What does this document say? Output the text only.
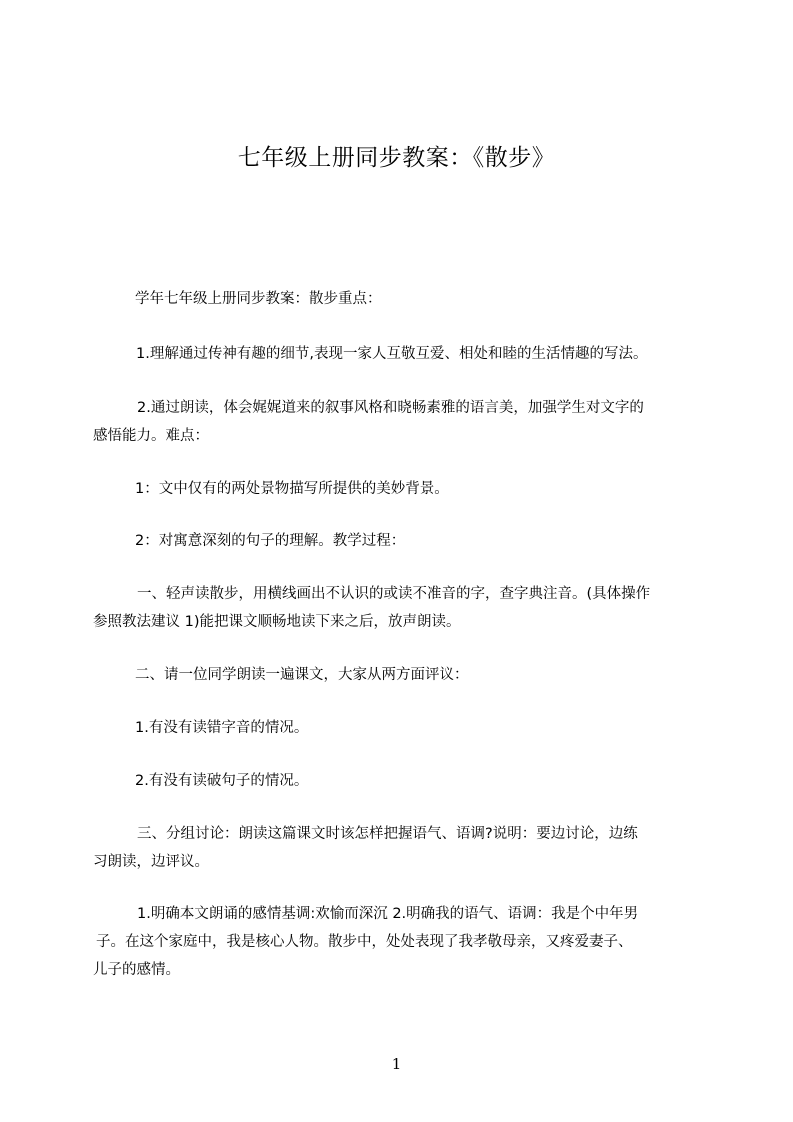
七年级上册同步教案：《散步》
学年七年级上册同步教案：散步重点：
1.理解通过传神有趣的细节,表现一家人互敬互爱、相处和睦的生活情趣的写法。
2.通过朗读，体会娓娓道来的叙事风格和晓畅素雅的语言美，加强学生对文字的
感悟能力。难点：
1：文中仅有的两处景物描写所提供的美妙背景。
2：对寓意深刻的句子的理解。教学过程：
一、轻声读散步，用横线画出不认识的或读不准音的字，查字典注音。(具体操作
参照教法建议 1)能把课文顺畅地读下来之后，放声朗读。
二、请一位同学朗读一遍课文，大家从两方面评议：
1.有没有读错字音的情况。
2.有没有读破句子的情况。
三、分组讨论：朗读这篇课文时该怎样把握语气、语调?说明：要边讨论，边练
习朗读，边评议。
1.明确本文朗诵的感情基调:欢愉而深沉 2.明确我的语气、语调：我是个中年男
子。在这个家庭中，我是核心人物。散步中，处处表现了我孝敬母亲，又疼爱妻子、
儿子的感情。
1
